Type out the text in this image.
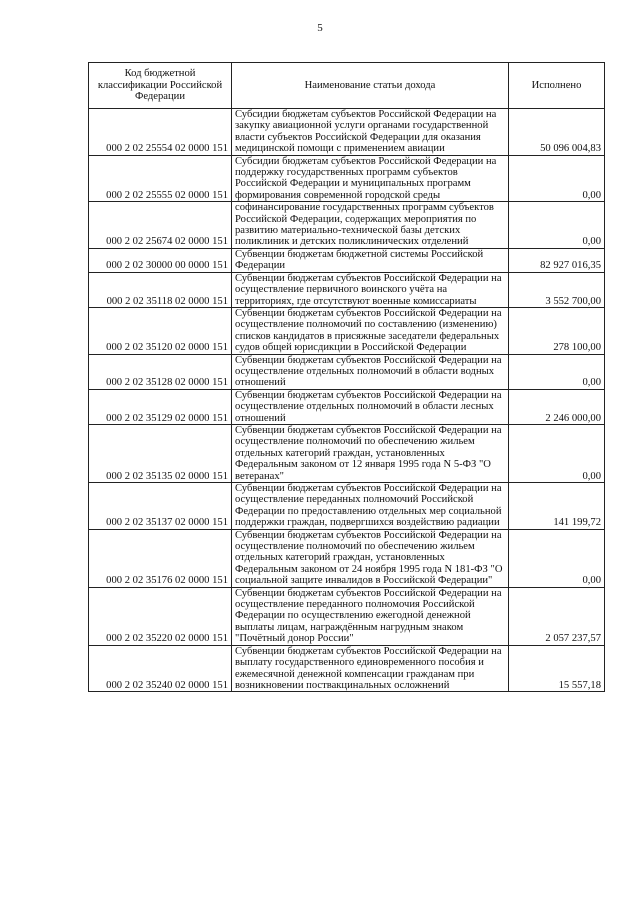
5
Код бюджетной классификации Российской Федерации	Наименование статьи дохода	Исполнено
000 2 02 25554 02 0000 151	Субсидии бюджетам субъектов Российской Федерации на закупку авиационной услуги органами государственной власти субъектов Российской Федерации для оказания медицинской помощи с применением авиации	50 096 004,83
000 2 02 25555 02 0000 151	Субсидии бюджетам субъектов Российской Федерации на поддержку государственных программ субъектов Российской Федерации и муниципальных программ формирования современной городской среды	0,00
000 2 02 25674 02 0000 151	софинансирование государственных программ субъектов Российской Федерации, содержащих мероприятия по развитию материально-технической базы детских поликлиник и детских поликлинических отделений	0,00
000 2 02 30000 00 0000 151	Субвенции бюджетам бюджетной системы Российской Федерации	82 927 016,35
000 2 02 35118 02 0000 151	Субвенции бюджетам субъектов Российской Федерации на осуществление первичного воинского учёта на территориях, где отсутствуют военные комиссариаты	3 552 700,00
000 2 02 35120 02 0000 151	Субвенции бюджетам субъектов Российской Федерации на осуществление полномочий по составлению (изменению) списков кандидатов в присяжные заседатели федеральных судов общей юрисдикции в Российской Федерации	278 100,00
000 2 02 35128 02 0000 151	Субвенции бюджетам субъектов Российской Федерации на осуществление отдельных полномочий в области водных отношений	0,00
000 2 02 35129 02 0000 151	Субвенции бюджетам субъектов Российской Федерации на осуществление отдельных полномочий в области лесных отношений	2 246 000,00
000 2 02 35135 02 0000 151	Субвенции бюджетам субъектов Российской Федерации на осуществление полномочий по обеспечению жильем отдельных категорий граждан, установленных Федеральным законом от 12 января 1995 года N 5-ФЗ "О ветеранах"	0,00
000 2 02 35137 02 0000 151	Субвенции бюджетам субъектов Российской Федерации на осуществление переданных полномочий Российской Федерации по предоставлению отдельных мер социальной поддержки граждан, подвергшихся воздействию радиации	141 199,72
000 2 02 35176 02 0000 151	Субвенции бюджетам субъектов Российской Федерации на осуществление полномочий по обеспечению жильем отдельных категорий граждан, установленных Федеральным законом от 24 ноября 1995 года N 181-ФЗ "О социальной защите инвалидов в Российской Федерации"	0,00
000 2 02 35220 02 0000 151	Субвенции бюджетам субъектов Российской Федерации на осуществление переданного полномочия Российской Федерации по осуществлению ежегодной денежной выплаты лицам, награждённым нагрудным знаком "Почётный донор России"	2 057 237,57
000 2 02 35240 02 0000 151	Субвенции бюджетам субъектов Российской Федерации на выплату государственного единовременного пособия и ежемесячной денежной компенсации гражданам при возникновении поствакцинальных осложнений	15 557,18
